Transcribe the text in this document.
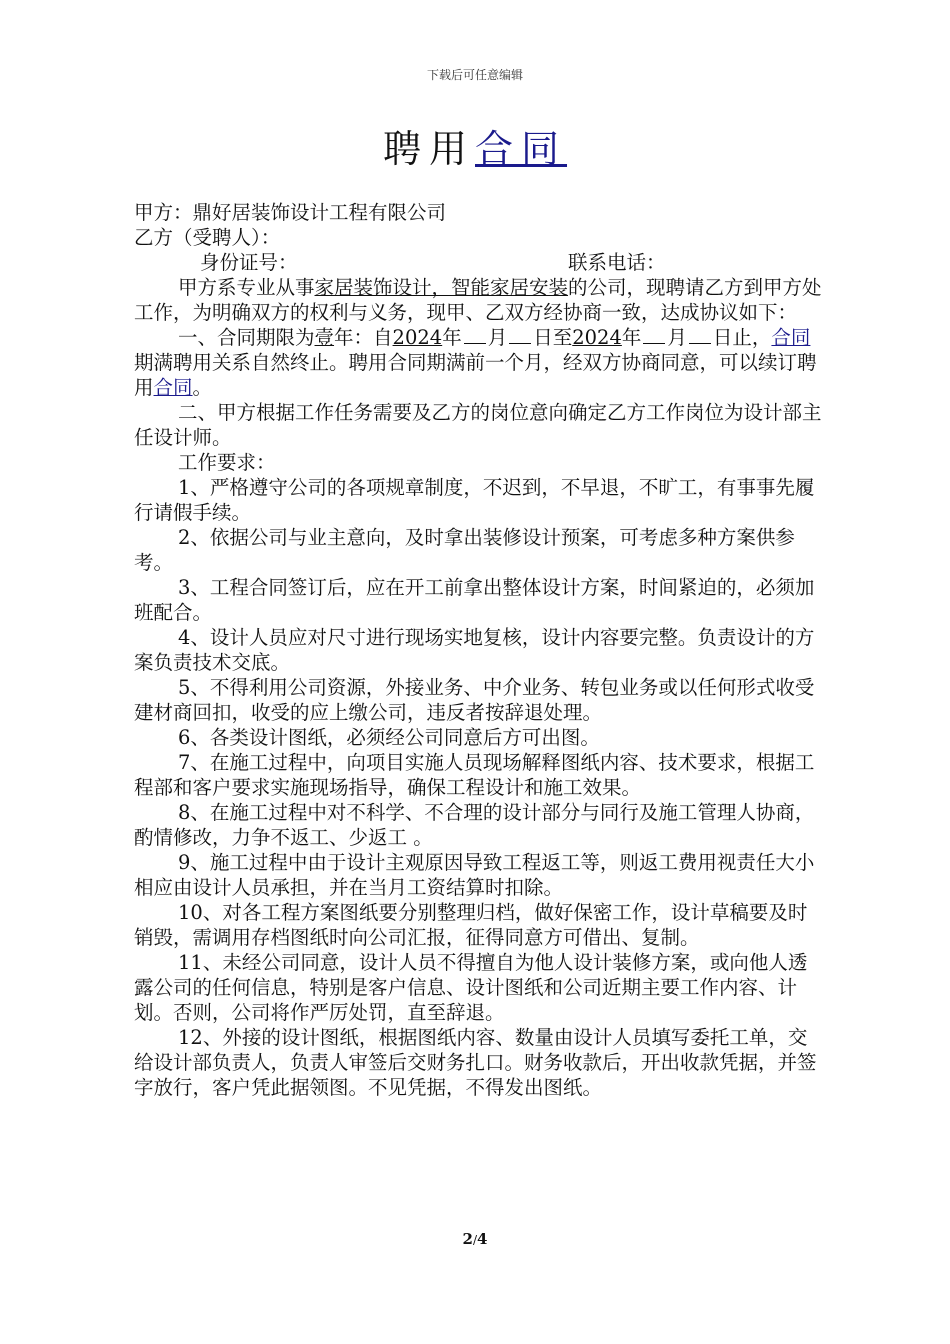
下载后可任意编辑
聘用合同

甲方：鼎好居装饰设计工程有限公司

乙方（受聘人）：

身份证号：	联系电话：

甲方系专业从事家居装饰设计，智能家居安装的公司，现聘请乙方到甲方处工作，为明确双方的权利与义务，现甲、乙双方经协商一致，达成协议如下：

一、合同期限为壹年：自2024年 月 日至2024年 月 日止，合同期满聘用关系自然终止。聘用合同期满前一个月，经双方协商同意，可以续订聘用合同。

二、甲方根据工作任务需要及乙方的岗位意向确定乙方工作岗位为设计部主任设计师。

工作要求：

1、严格遵守公司的各项规章制度，不迟到，不早退，不旷工，有事事先履行请假手续。

2、依据公司与业主意向，及时拿出装修设计预案，可考虑多种方案供参考。

3、工程合同签订后，应在开工前拿出整体设计方案，时间紧迫的，必须加班配合。

4、设计人员应对尺寸进行现场实地复核，设计内容要完整。负责设计的方案负责技术交底。

5、不得利用公司资源，外接业务、中介业务、转包业务或以任何形式收受建材商回扣，收受的应上缴公司，违反者按辞退处理。

6、各类设计图纸，必须经公司同意后方可出图。

7、在施工过程中，向项目实施人员现场解释图纸内容、技术要求，根据工程部和客户要求实施现场指导，确保工程设计和施工效果。

8、在施工过程中对不科学、不合理的设计部分与同行及施工管理人协商，酌情修改，力争不返工、少返工 。

9、施工过程中由于设计主观原因导致工程返工等，则返工费用视责任大小相应由设计人员承担，并在当月工资结算时扣除。

10、对各工程方案图纸要分别整理归档，做好保密工作，设计草稿要及时销毁，需调用存档图纸时向公司汇报，征得同意方可借出、复制。

11、未经公司同意，设计人员不得擅自为他人设计装修方案，或向他人透露公司的任何信息，特别是客户信息、设计图纸和公司近期主要工作内容、计划。否则，公司将作严厉处罚，直至辞退。

12、外接的设计图纸，根据图纸内容、数量由设计人员填写委托工单，交给设计部负责人，负责人审签后交财务扎口。财务收款后，开出收款凭据，并签字放行，客户凭此据领图。不见凭据，不得发出图纸。

2/4
